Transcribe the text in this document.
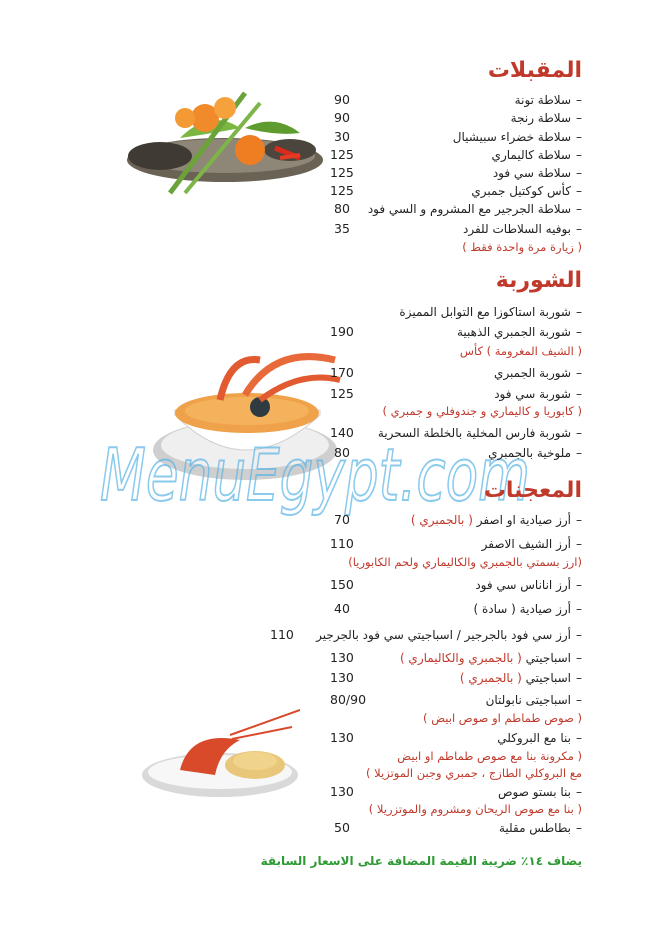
MenuEgypt.com
المقبلات
–سلاطة تونة
90
–سلاطة رنجة
90
–سلاطة خضراء سبيشيال
30
–سلاطة كاليماري
125
–سلاطة سي فود
125
–كأس كوكتيل جمبري
125
–سلاطة الجرجير مع المشروم و السي فود
80
–بوفيه السلاطات للفرد
35
( زيارة مرة واحدة فقط )
الشوربة
–شوربة استاكوزا مع التوابل المميزة
–شوربة الجمبري الذهبية
190
( الشيف المغرومة ) كأس
–شوربة الجمبري
170
–شوربة سي فود
125
( كابوريا و كاليماري و جندوفلي و جمبري )
–شوربة فارس المخلية بالخلطة السحرية
140
–ملوخية بالجمبري
80
المعجنات
–أرز صيادية او اصفر ( بالجمبري )
70
–أرز الشيف الاصفر
110
(ارز بسمتي بالجمبري والكاليماري ولحم الكابوريا)
–أرز اناناس سي فود
150
–أرز صيادية ( سادة )
40
–أرز سي فود بالجرجير / اسباجيتي سي فود بالجرجير
110
–اسباجيتي ( بالجمبري والكاليماري )
130
–اسباجيتي ( بالجمبري )
130
–اسباجيتى نابولتان
80/90
( صوص طماطم او صوص ابيض )
–بنا مع البروكلي
130
( مكرونة بنا مع صوص طماطم او ابيض
مع البروكلي الطازج ، جمبري وجبن الموتزيلا )
–بنا بستو صوص
130
( بنا مع صوص الريحان ومشروم والموتزريلا )
–بطاطس مقلية
50
يضاف ١٤٪ ضريبة القيمة المضافة على الاسعار السابقة
